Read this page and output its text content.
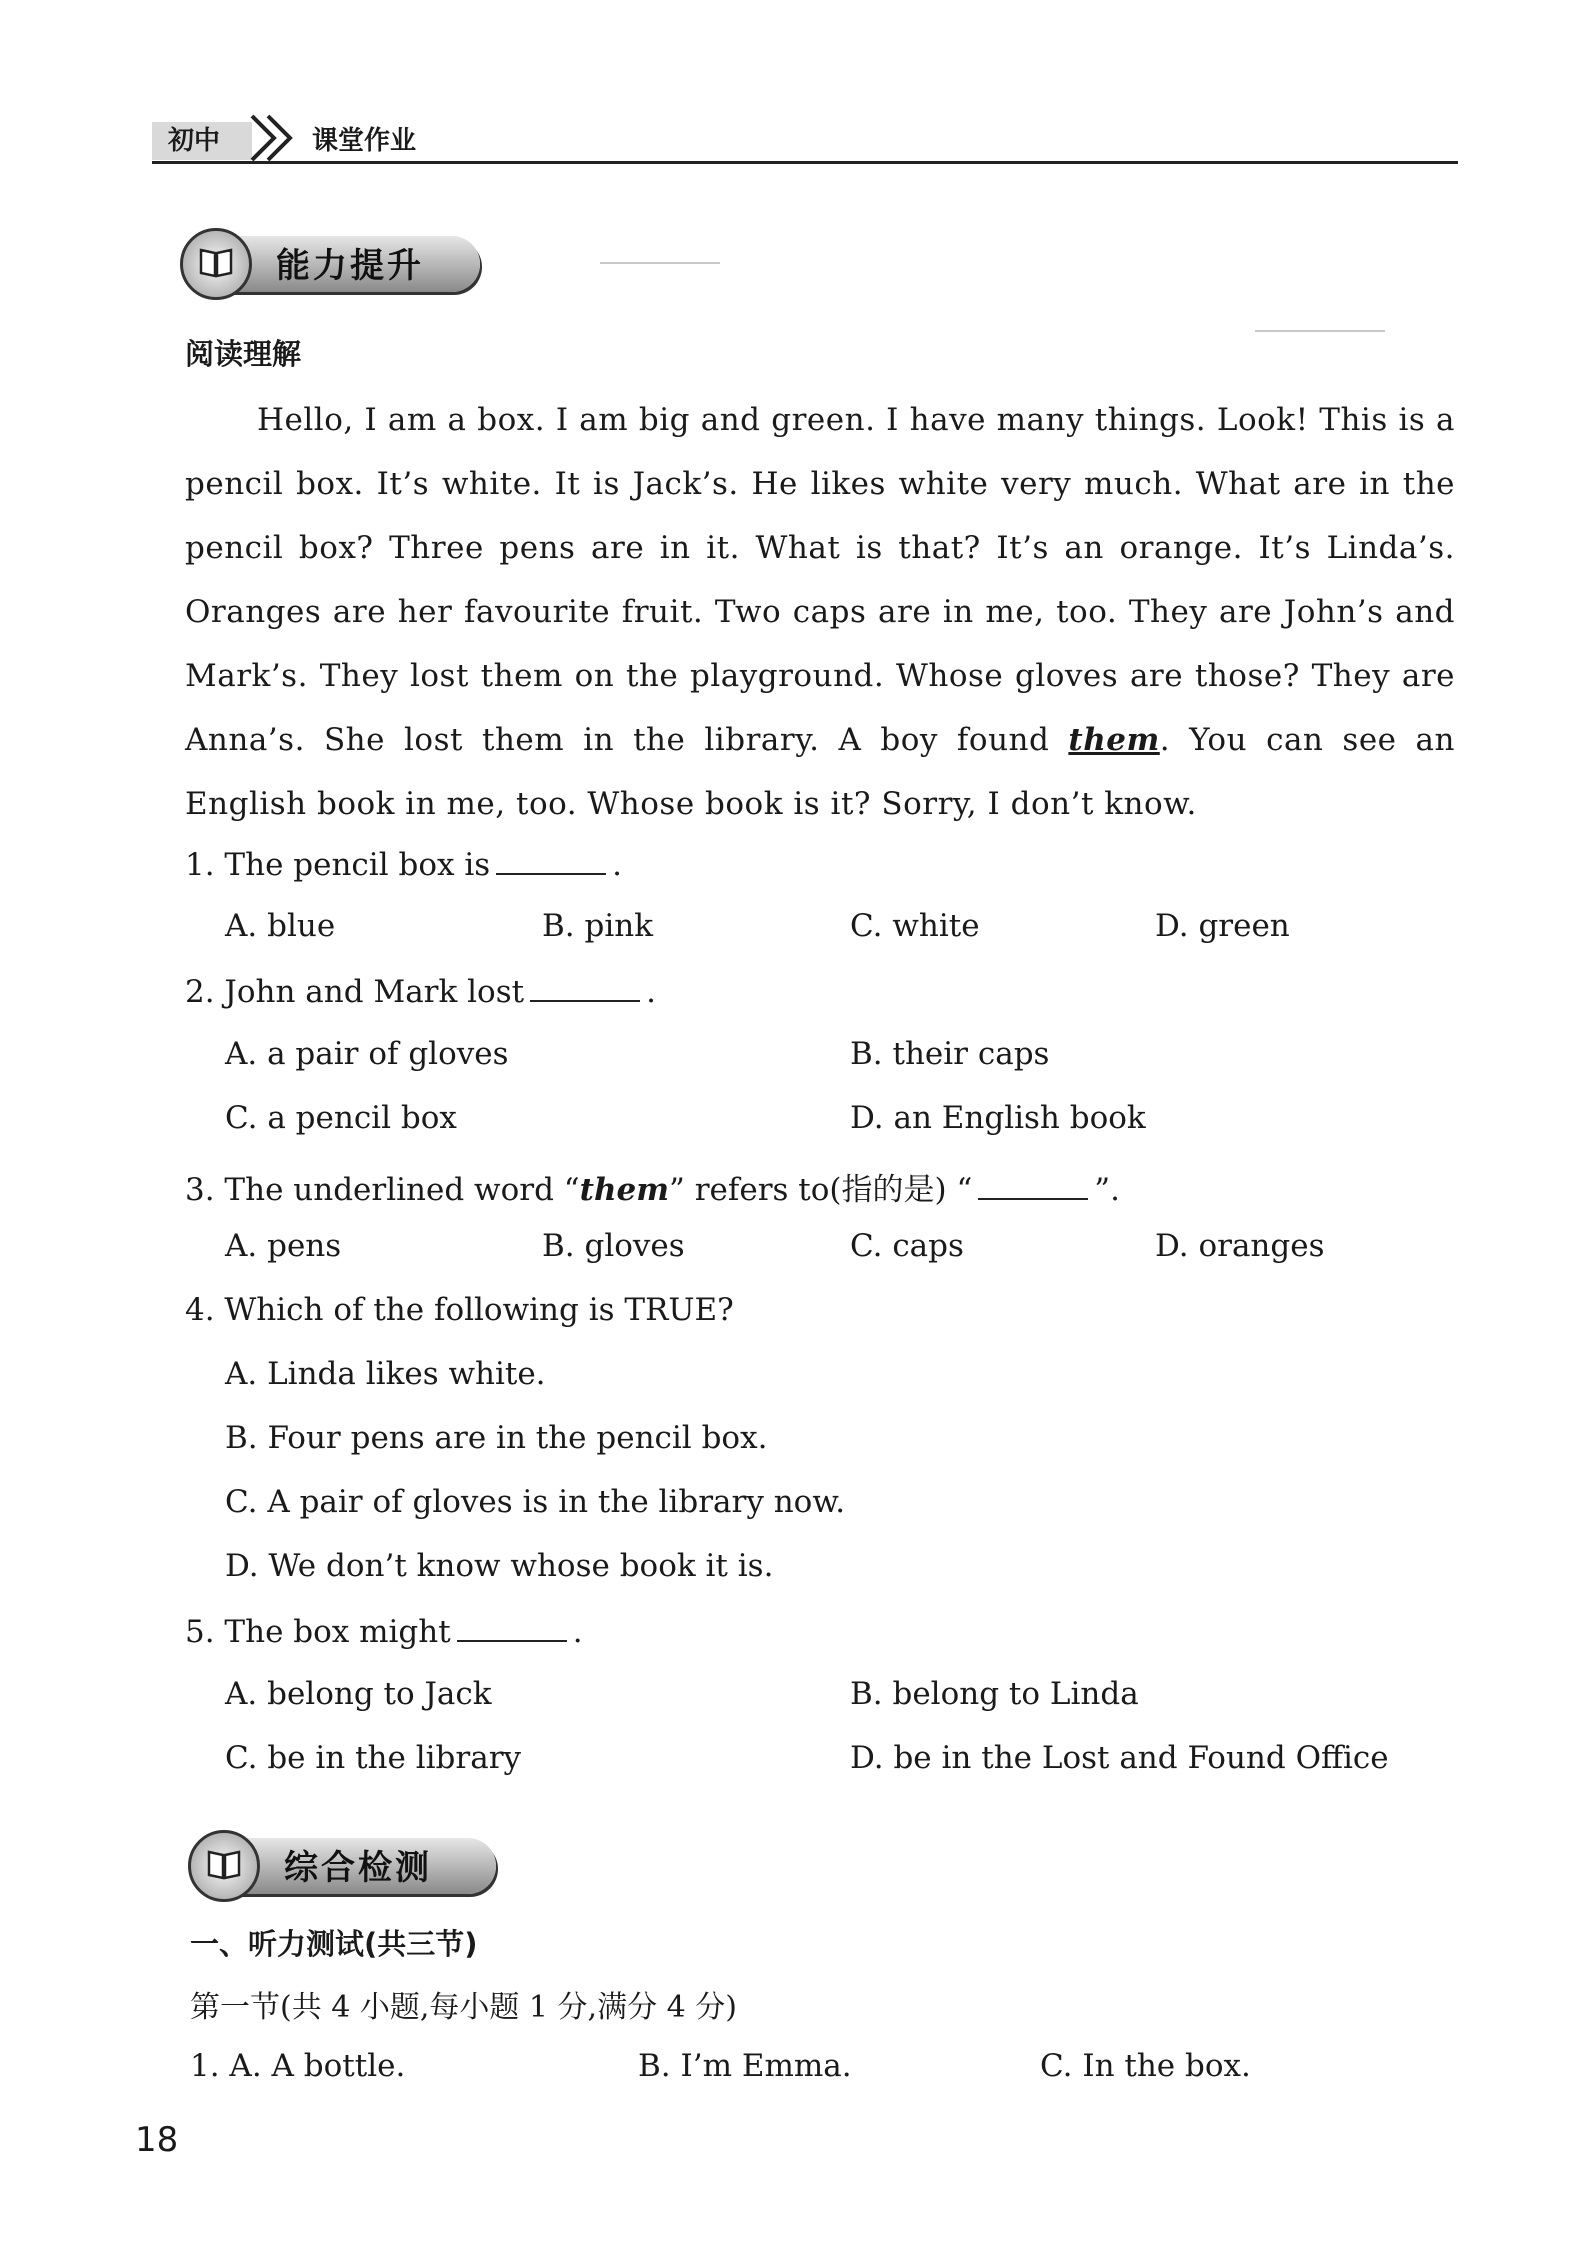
初中	课堂作业
能力提升
阅读理解
Hello, I am a box. I am big and green. I have many things. Look! This is a pencil box. It’s white. It is Jack’s. He likes white very much. What are in the pencil box? Three pens are in it. What is that? It’s an orange. It’s Linda’s. Oranges are her favourite fruit. Two caps are in me, too. They are John’s and Mark’s. They lost them on the playground. Whose gloves are those? They are Anna’s. She lost them in the library. A boy found them. You can see an English book in me, too. Whose book is it? Sorry, I don’t know.
1. The pencil box is	.
A. blue	B. pink	C. white	D. green
2. John and Mark lost	.
A. a pair of gloves	B. their caps
C. a pencil box	D. an English book
3. The underlined word “them” refers to(指的是) “	”.
A. pens	B. gloves	C. caps	D. oranges
4. Which of the following is TRUE?
A. Linda likes white.
B. Four pens are in the pencil box.
C. A pair of gloves is in the library now.
D. We don’t know whose book it is.
5. The box might	.
A. belong to Jack	B. belong to Linda
C. be in the library	D. be in the Lost and Found Office
综合检测
一、听力测试(共三节)
第一节(共 4 小题,每小题 1 分,满分 4 分)
1. A. A bottle.	B. I’m Emma.	C. In the box.
18
